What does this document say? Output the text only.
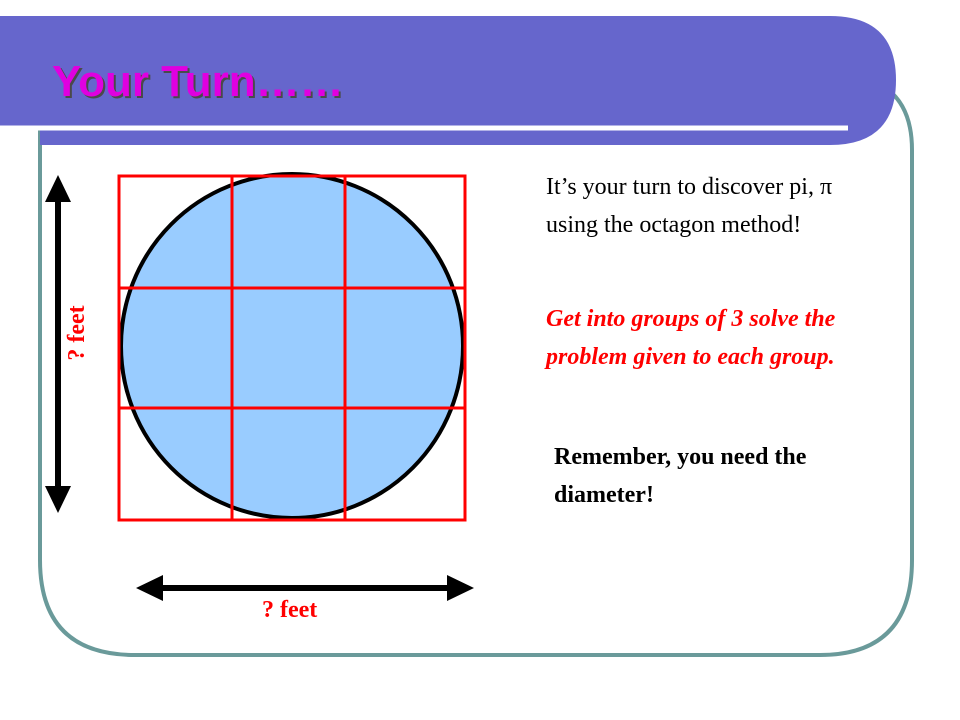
Your Turn……
? feet
? feet
It’s your turn to discover pi, π using the octagon method!
Get into groups of 3 solve the problem given to each group.
Remember, you need the diameter!
